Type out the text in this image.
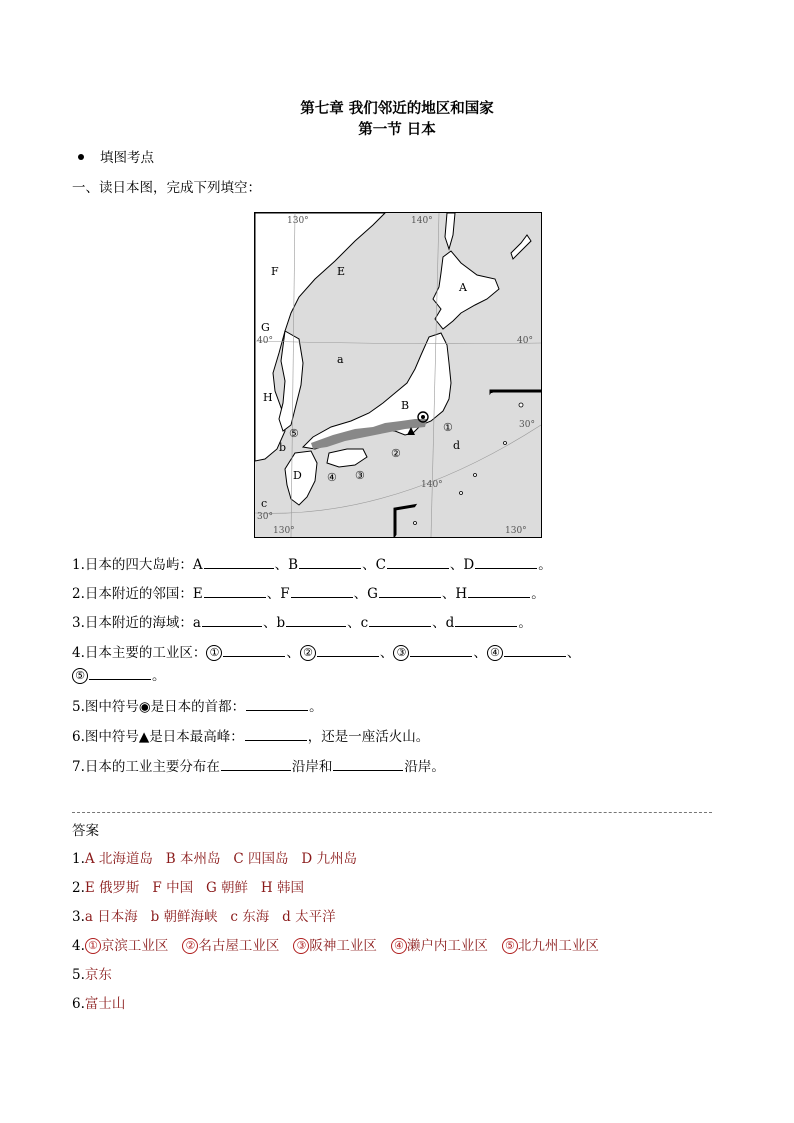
第七章 我们邻近的地区和国家
第一节 日本
填图考点
一、读日本图，完成下列填空：
130°	140°
40°	40°
30°
30°
140°
130°	130°
F	E
G
A
a
H
B
b	d
D
c
①
②
③
④
⑤
1.日本的四大岛屿：A	、B	、C	、D	。
2.日本附近的邻国：E	、F	、G	、H	。
3.日本附近的海域：a	、b	、c	、d	。
4.日本主要的工业区： ①	、 ②	、 ③	、 ④	、
⑤	。
5.图中符号◉是日本的首都：	。
6.图中符号▲是日本最高峰：	，还是一座活火山。
7.日本的工业主要分布在	沿岸和	沿岸。
答案
1.A 北海道岛   B 本州岛   C 四国岛   D 九州岛
2.E 俄罗斯   F 中国   G 朝鲜   H 韩国
3.a 日本海   b 朝鲜海峡   c 东海   d 太平洋
4. ① 京滨工业区 ② 名古屋工业区 ③ 阪神工业区 ④ 濑户内工业区 ⑤ 北九州工业区
5.京东
6.富士山
